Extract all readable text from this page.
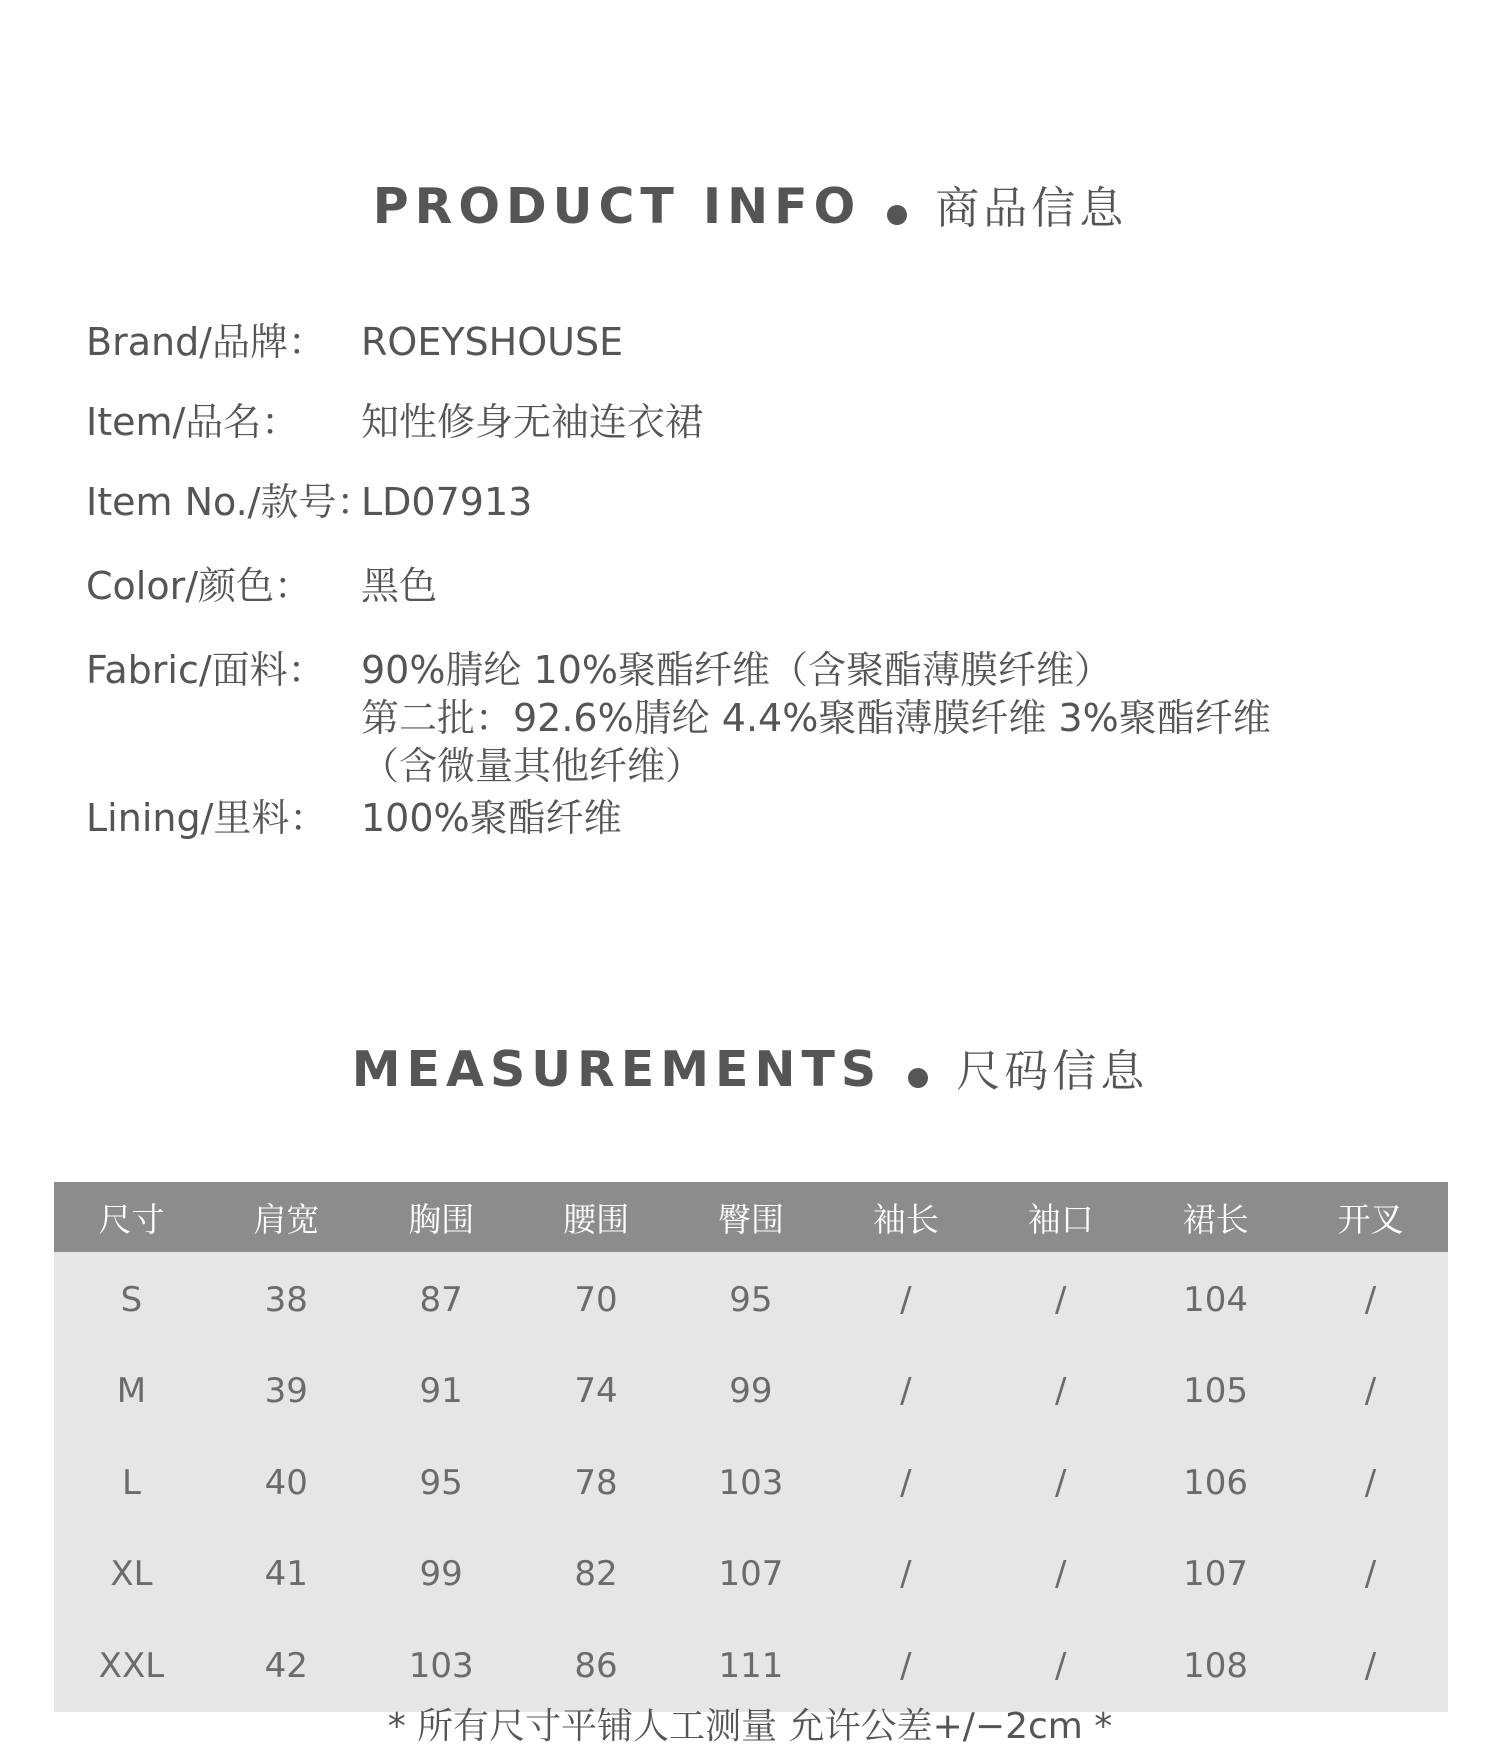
PRODUCT INFO 商品信息
Brand/品牌： ROEYSHOUSE
Item/品名： 知性修身无袖连衣裙
Item No./款号：
LD07913
Color/颜色： 黑色
Fabric/面料： 90%腈纶 10%聚酯纤维（含聚酯薄膜纤维）
第二批：92.6%腈纶 4.4%聚酯薄膜纤维 3%聚酯纤维
（含微量其他纤维）
Lining/里料： 100%聚酯纤维
MEASUREMENTS 尺码信息
尺寸	肩宽	胸围	腰围	臀围	袖长	袖口	裙长	开叉
S	38	87	70	95	/	/	104	/
M	39	91	74	99	/	/	105	/
L	40	95	78	103	/	/	106	/
XL	41	99	82	107	/	/	107	/
XXL	42	103	86	111	/	/	108	/
* 所有尺寸平铺人工测量 允许公差+/−2cm *
